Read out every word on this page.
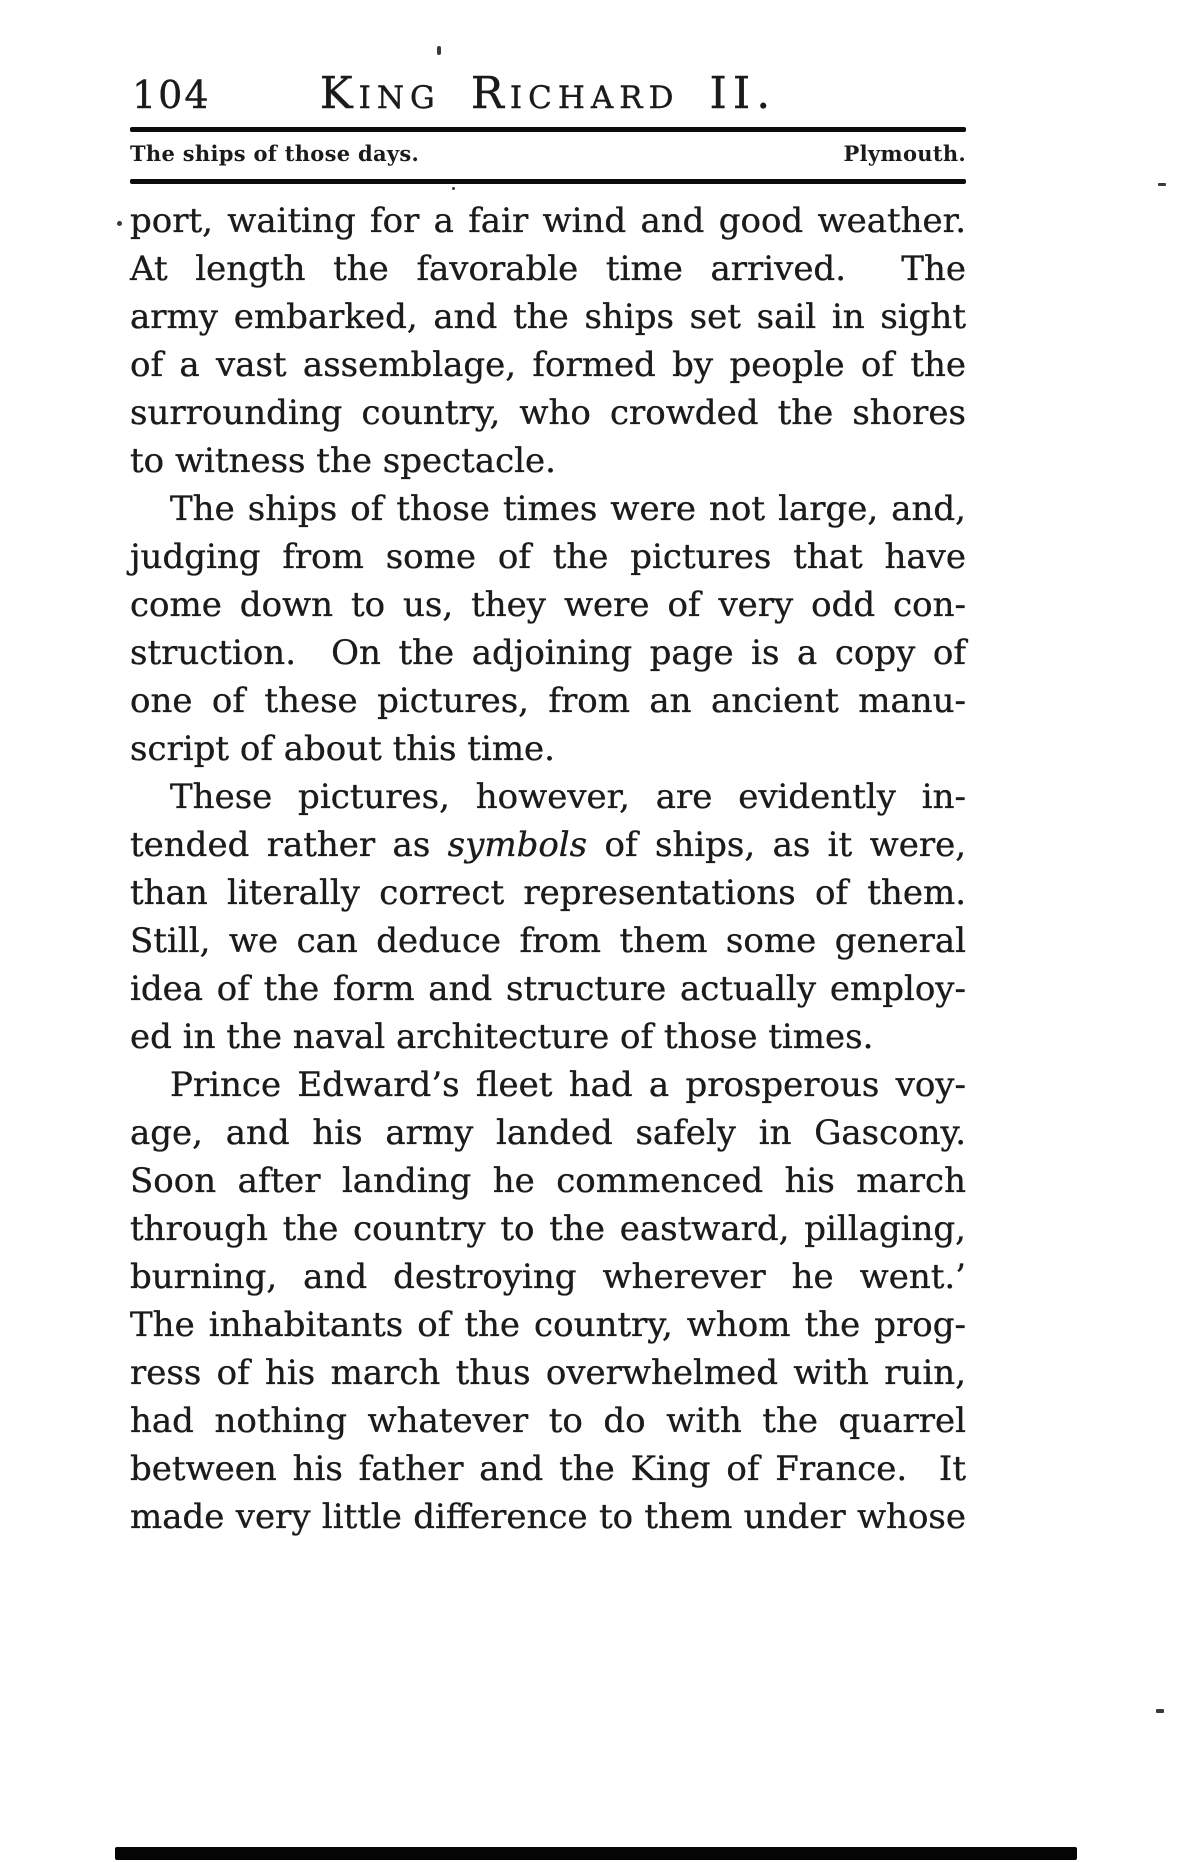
104 King Richard II.
The ships of those days.	Plymouth.
port, waiting for a fair wind and good weather.
At length the favorable time arrived.  The
army embarked, and the ships set sail in sight
of a vast assemblage, formed by people of the
surrounding country, who crowded the shores
to witness the spectacle.
The ships of those times were not large, and,
judging from some of the pictures that have
come down to us, they were of very odd con-
struction.  On the adjoining page is a copy of
one of these pictures, from an ancient manu-
script of about this time.
These pictures, however, are evidently in-
tended rather as symbols of ships, as it were,
than literally correct representations of them.
Still, we can deduce from them some general
idea of the form and structure actually employ-
ed in the naval architecture of those times.
Prince Edward’s fleet had a prosperous voy-
age, and his army landed safely in Gascony.
Soon after landing he commenced his march
through the country to the eastward, pillaging,
burning, and destroying wherever he went.’
The inhabitants of the country, whom the prog-
ress of his march thus overwhelmed with ruin,
had nothing whatever to do with the quarrel
between his father and the King of France.  It
made very little difference to them under whose
